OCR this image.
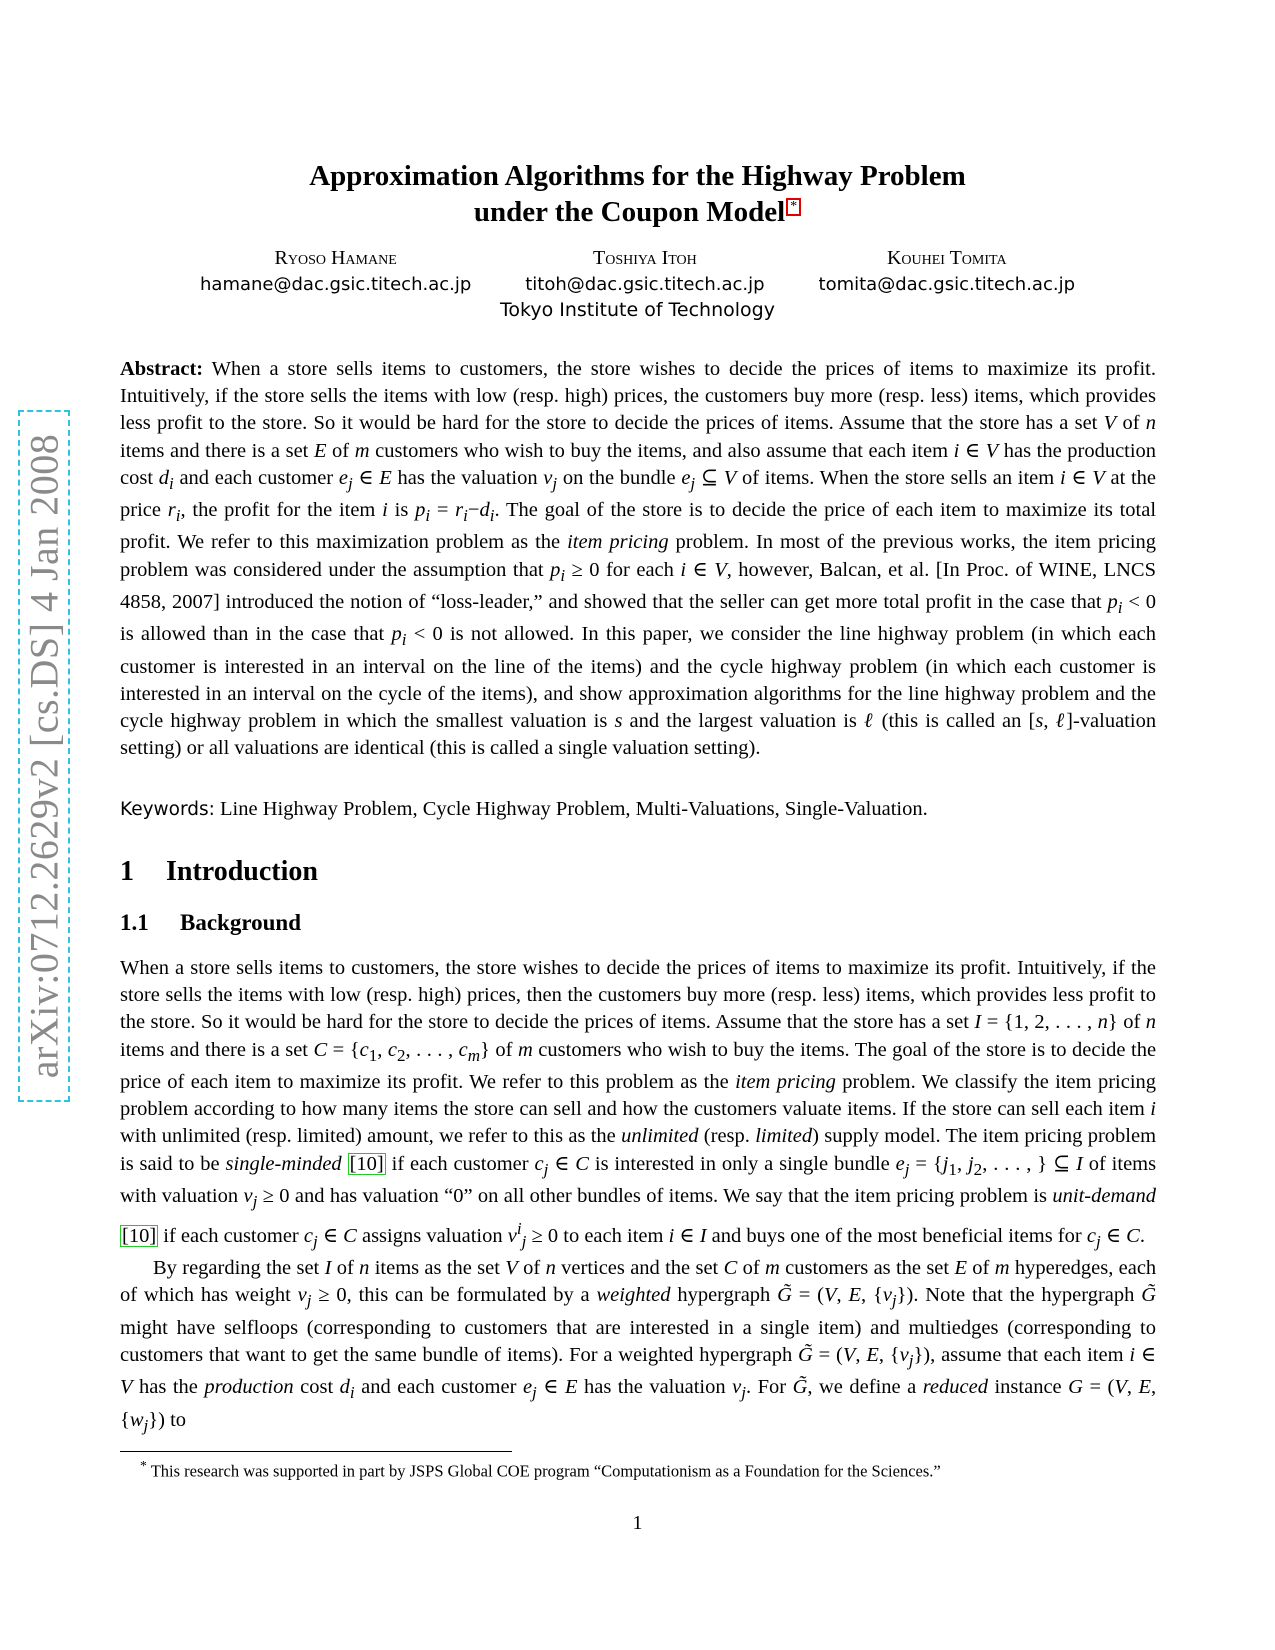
arXiv:0712.2629v2 [cs.DS] 4 Jan 2008
Approximation Algorithms for the Highway Problem
under the Coupon Model *
Ryoso Hamane
hamane@dac.gsic.titech.ac.jp
Toshiya Itoh
titoh@dac.gsic.titech.ac.jp
Kouhei Tomita
tomita@dac.gsic.titech.ac.jp
Tokyo Institute of Technology

Abstract: When a store sells items to customers, the store wishes to decide the prices of items to maximize its profit. Intuitively, if the store sells the items with low (resp. high) prices, the customers buy more (resp. less) items, which provides less profit to the store. So it would be hard for the store to decide the prices of items. Assume that the store has a set V of n items and there is a set E of m customers who wish to buy the items, and also assume that each item i ∈ V has the production cost $d_i$ and each customer $e_j$ ∈ E has the valuation $v_j$ on the bundle $e_j$ ⊆ V of items. When the store sells an item i ∈ V at the price $r_i$, the profit for the item i is $p_i = r_i-d_i$. The goal of the store is to decide the price of each item to maximize its total profit. We refer to this maximization problem as the item pricing problem. In most of the previous works, the item pricing problem was considered under the assumption that $p_i \ge 0$ for each i ∈ V, however, Balcan, et al. [In Proc. of WINE, LNCS 4858, 2007] introduced the notion of “loss-leader,” and showed that the seller can get more total profit in the case that $p_i < 0$ is allowed than in the case that $p_i < 0$ is not allowed. In this paper, we consider the line highway problem (in which each customer is interested in an interval on the line of the items) and the cycle highway problem (in which each customer is interested in an interval on the cycle of the items), and show approximation algorithms for the line highway problem and the cycle highway problem in which the smallest valuation is s and the largest valuation is ℓ (this is called an [s, ℓ]-valuation setting) or all valuations are identical (this is called a single valuation setting).

Keywords: Line Highway Problem, Cycle Highway Problem, Multi-Valuations, Single-Valuation.
1 Introduction
1.1 Background

When a store sells items to customers, the store wishes to decide the prices of items to maximize its profit. Intuitively, if the store sells the items with low (resp. high) prices, then the customers buy more (resp. less) items, which provides less profit to the store. So it would be hard for the store to decide the prices of items. Assume that the store has a set I = {1, 2, . . . , n} of n items and there is a set $C = \{c_1$, $c_2$, . . . , $c_m$} of m customers who wish to buy the items. The goal of the store is to decide the price of each item to maximize its profit. We refer to this problem as the item pricing problem. We classify the item pricing problem according to how many items the store can sell and how the customers valuate items. If the store can sell each item i with unlimited (resp. limited) amount, we refer to this as the unlimited (resp. limited) supply model. The item pricing problem is said to be single-minded [10] if each customer $c_j$ ∈ C is interested in only a single bundle $e_j = \{j_1$, $j_2$, . . . , } ⊆ I of items with valuation $v_j \ge 0$ and has valuation “0” on all other bundles of items. We say that the item pricing problem is unit-demand [10] if each customer $c_j$ ∈ C assigns valuation $v^i_j \ge 0$ to each item i ∈ I and buys one of the most beneficial items for $c_j$ ∈ C.

By regarding the set I of n items as the set V of n vertices and the set C of m customers as the set E of m hyperedges, each of which has weight $v_j \ge 0$, this can be formulated by a weighted hypergraph G̃ = (V, E, $\{v_j\}$). Note that the hypergraph G̃ might have selfloops (corresponding to customers that are interested in a single item) and multiedges (corresponding to customers that want to get the same bundle of items). For a weighted hypergraph G̃ = (V, E, $\{v_j\}$), assume that each item i ∈ V has the production cost $d_i$ and each customer $e_j$ ∈ E has the valuation $v_j$. For G̃, we define a reduced instance G = (V, E, $\{w_j\}$) to

* This research was supported in part by JSPS Global COE program “Computationism as a Foundation for the Sciences.”
1
